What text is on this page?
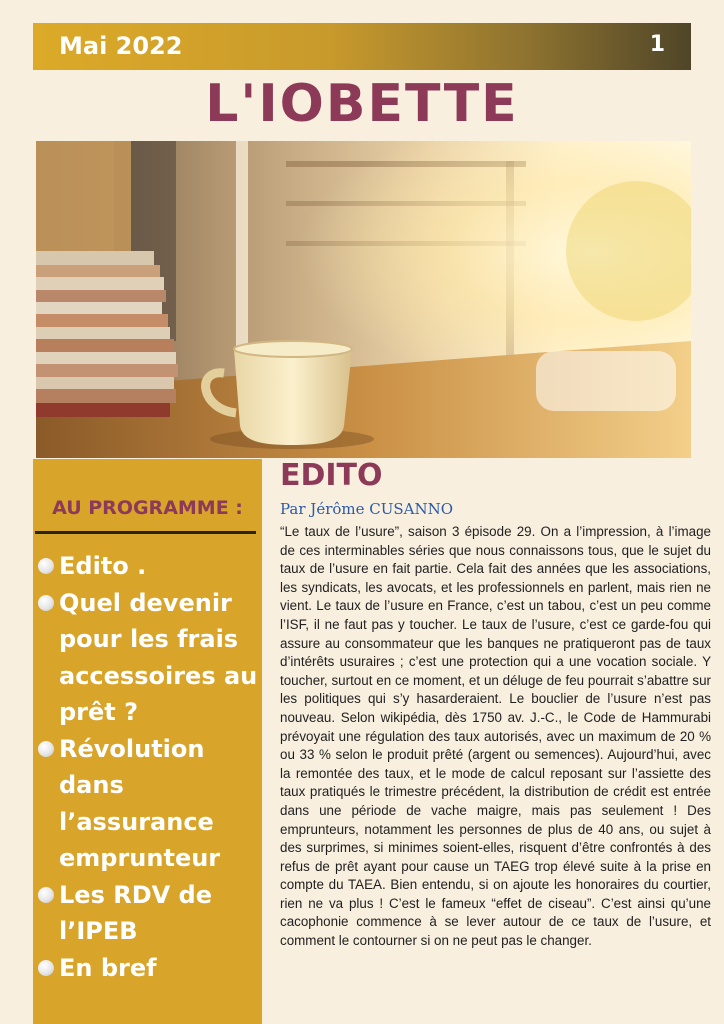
Mai 2022	1
L'IOBETTE
AU PROGRAMME :
Edito .
Quel devenir pour les frais accessoires au prêt ?
Révolution dans l’assurance emprunteur
Les RDV de l’IPEB
En bref
EDITO
Par Jérôme CUSANNO

“Le taux de l’usure”, saison 3 épisode 29. On a l’impression, à l’image de ces interminables séries que nous connaissons tous, que le sujet du taux de l’usure en fait partie. Cela fait des années que les associations, les syndicats, les avocats, et les professionnels en parlent, mais rien ne vient. Le taux de l’usure en France, c’est un tabou, c’est un peu comme l’ISF, il ne faut pas y toucher. Le taux de l’usure, c’est ce garde-fou qui assure au consommateur que les banques ne pratiqueront pas de taux d’intérêts usuraires ; c’est une protection qui a une vocation sociale. Y toucher, surtout en ce moment, et un déluge de feu pourrait s’abattre sur les politiques qui s’y hasarderaient. Le bouclier de l’usure n’est pas nouveau. Selon wikipédia, dès 1750 av. J.-C., le Code de Hammurabi prévoyait une régulation des taux autorisés, avec un maximum de 20 % ou 33 % selon le produit prêté (argent ou semences). Aujourd’hui, avec la remontée des taux, et le mode de calcul reposant sur l’assiette des taux pratiqués le trimestre précédent, la distribution de crédit est entrée dans une période de vache maigre, mais pas seulement ! Des emprunteurs, notamment les personnes de plus de 40 ans, ou sujet à des surprimes, si minimes soient-elles, risquent d’être confrontés à des refus de prêt ayant pour cause un TAEG trop élevé suite à la prise en compte du TAEA. Bien entendu, si on ajoute les honoraires du courtier, rien ne va plus ! C’est le fameux “effet de ciseau”. C’est ainsi qu’une cacophonie commence à se lever autour de ce taux de l’usure, et comment le contourner si on ne peut pas le changer.
